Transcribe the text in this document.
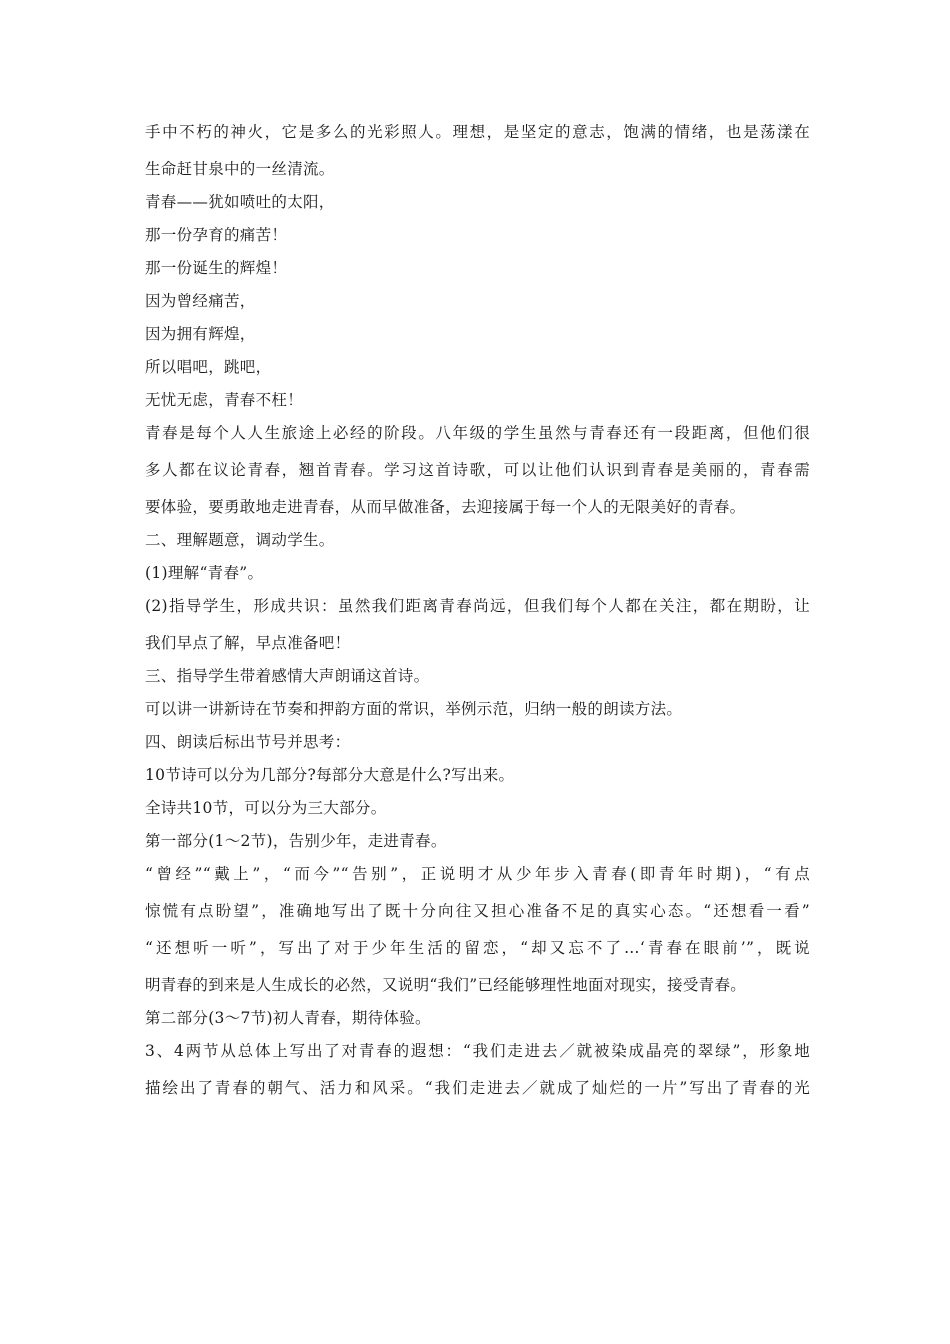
手中不朽的神火，它是多么的光彩照人。理想，是坚定的意志，饱满的情绪，也是荡漾在
生命赶甘泉中的一丝清流。
青春——犹如喷吐的太阳，
那一份孕育的痛苦！
那一份诞生的辉煌！
因为曾经痛苦，
因为拥有辉煌，
所以唱吧，跳吧，
无忧无虑，青春不枉！
青春是每个人人生旅途上必经的阶段。八年级的学生虽然与青春还有一段距离，但他们很
多人都在议论青春，翘首青春。学习这首诗歌，可以让他们认识到青春是美丽的，青春需
要体验，要勇敢地走进青春，从而早做准备，去迎接属于每一个人的无限美好的青春。
二、理解题意，调动学生。
(1)理解“青春”。
(2)指导学生，形成共识：虽然我们距离青春尚远，但我们每个人都在关注，都在期盼，让
我们早点了解，早点准备吧！
三、指导学生带着感情大声朗诵这首诗。
可以讲一讲新诗在节奏和押韵方面的常识，举例示范，归纳一般的朗读方法。
四、朗读后标出节号并思考：
10节诗可以分为几部分?每部分大意是什么?写出来。
全诗共10节，可以分为三大部分。
第一部分(1～2节)，告别少年，走进青春。
“曾经”“戴上”，“而今”“告别”，正说明才从少年步入青春(即青年时期)，“有点
惊慌有点盼望”，准确地写出了既十分向往又担心准备不足的真实心态。“还想看一看”
“还想听一听”，写出了对于少年生活的留恋，“却又忘不了…‘青春在眼前’”，既说
明青春的到来是人生成长的必然，又说明“我们”已经能够理性地面对现实，接受青春。
第二部分(3～7节)初人青春，期待体验。
3、4两节从总体上写出了对青春的遐想：“我们走进去／就被染成晶亮的翠绿”，形象地
描绘出了青春的朝气、活力和风采。“我们走进去／就成了灿烂的一片”写出了青春的光
